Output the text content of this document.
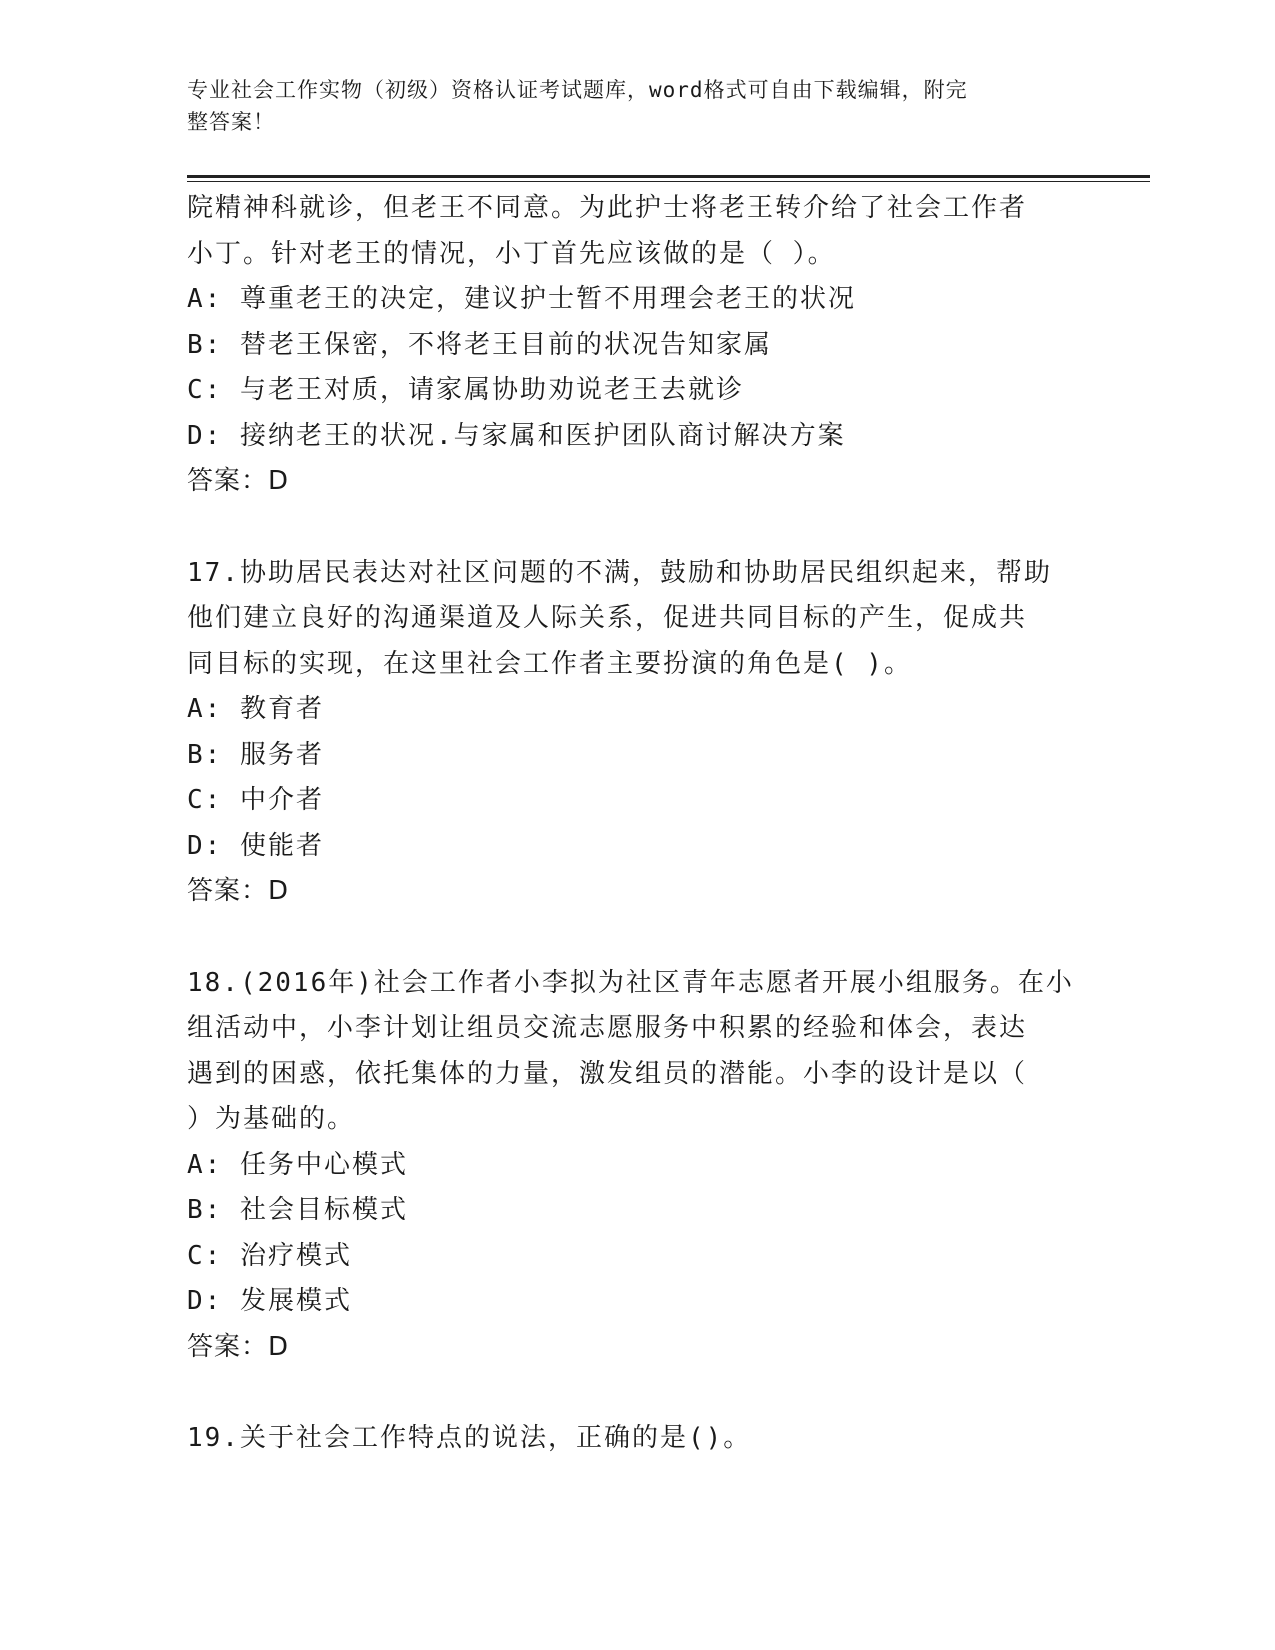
专业社会工作实物（初级）资格认证考试题库，word格式可自由下载编辑，附完
整答案！
院精神科就诊，但老王不同意。为此护士将老王转介给了社会工作者
小丁。针对老王的情况，小丁首先应该做的是（ ）。
A: 尊重老王的决定，建议护士暂不用理会老王的状况
B: 替老王保密，不将老王目前的状况告知家属
C: 与老王对质，请家属协助劝说老王去就诊
D: 接纳老王的状况.与家属和医护团队商讨解决方案
答案：D
17.协助居民表达对社区问题的不满，鼓励和协助居民组织起来，帮助
他们建立良好的沟通渠道及人际关系，促进共同目标的产生，促成共
同目标的实现，在这里社会工作者主要扮演的角色是( )。
A: 教育者
B: 服务者
C: 中介者
D: 使能者
答案：D
18.(2016年)社会工作者小李拟为社区青年志愿者开展小组服务。在小
组活动中，小李计划让组员交流志愿服务中积累的经验和体会，表达
遇到的困惑，依托集体的力量，激发组员的潜能。小李的设计是以（
）为基础的。
A: 任务中心模式
B: 社会目标模式
C: 治疗模式
D: 发展模式
答案：D
19.关于社会工作特点的说法，正确的是()。
